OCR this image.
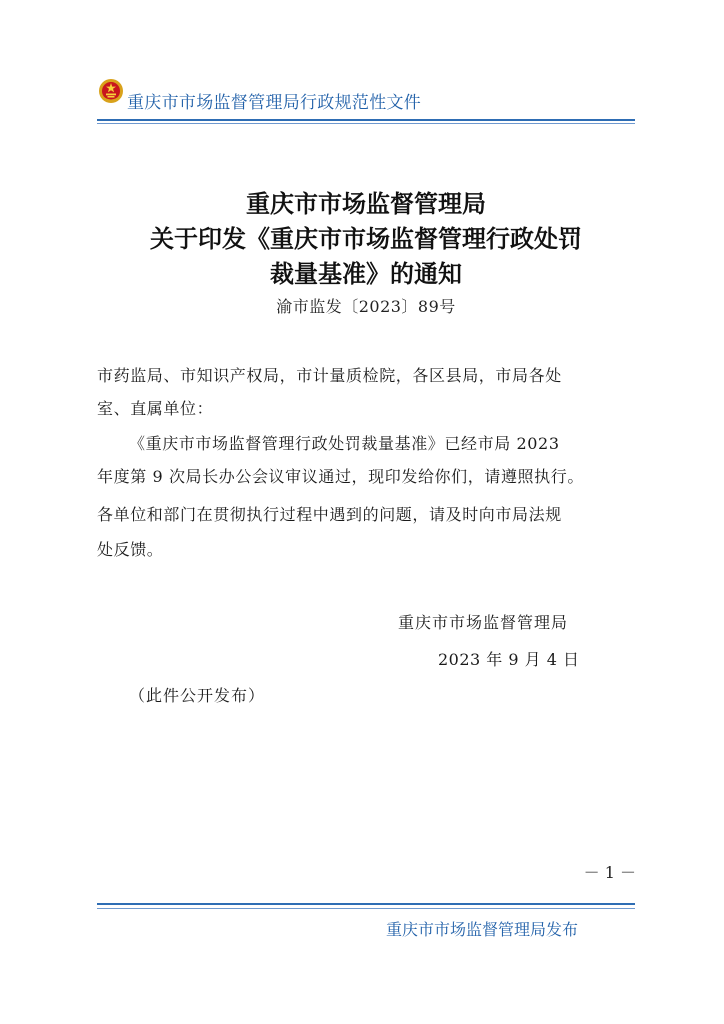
重庆市市场监督管理局行政规范性文件
重庆市市场监督管理局
关于印发《重庆市市场监督管理行政处罚
裁量基准》的通知
渝市监发〔2023〕89号
市药监局、市知识产权局，市计量质检院，各区县局，市局各处
室、直属单位：
《重庆市市场监督管理行政处罚裁量基准》已经市局 2023
年度第 9 次局长办公会议审议通过，现印发给你们，请遵照执行。
各单位和部门在贯彻执行过程中遇到的问题，请及时向市局法规
处反馈。
重庆市市场监督管理局
2023 年 9 月 4 日
（此件公开发布）
－ 1 －
重庆市市场监督管理局发布
